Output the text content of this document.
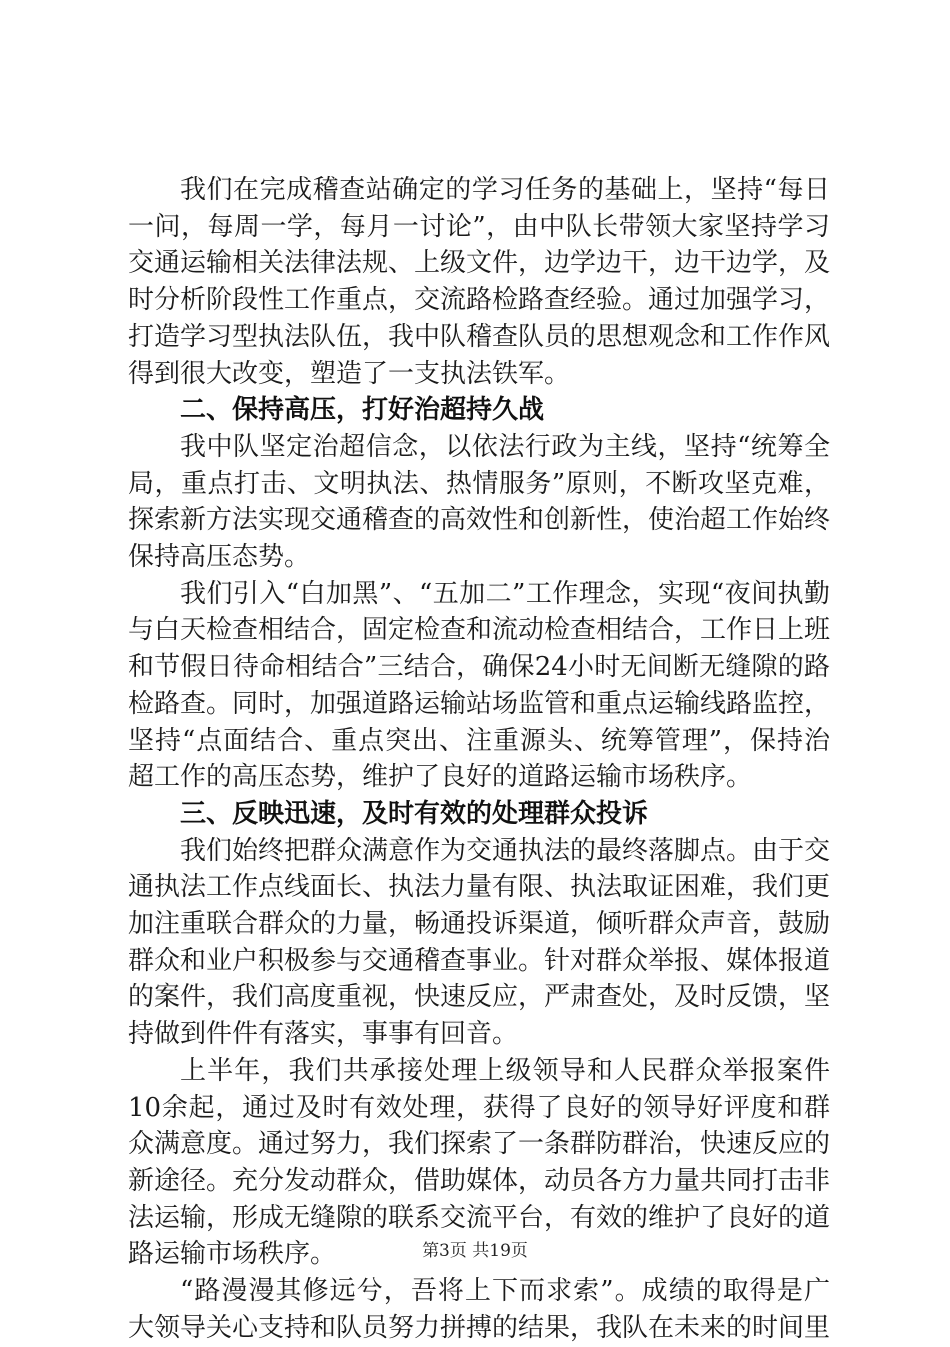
我们在完成稽查站确定的学习任务的基础上，坚持“每日一问，每周一学，每月一讨论”，由中队长带领大家坚持学习交通运输相关法律法规、上级文件，边学边干，边干边学，及时分析阶段性工作重点，交流路检路查经验。通过加强学习，打造学习型执法队伍，我中队稽查队员的思想观念和工作作风得到很大改变，塑造了一支执法铁军。

二、保持高压，打好治超持久战

我中队坚定治超信念，以依法行政为主线，坚持“统筹全局，重点打击、文明执法、热情服务”原则，不断攻坚克难，探索新方法实现交通稽查的高效性和创新性，使治超工作始终保持高压态势。

我们引入“白加黑”、“五加二”工作理念，实现“夜间执勤与白天检查相结合，固定检查和流动检查相结合，工作日上班和节假日待命相结合”三结合，确保24小时无间断无缝隙的路检路查。同时，加强道路运输站场监管和重点运输线路监控，坚持“点面结合、重点突出、注重源头、统筹管理”，保持治超工作的高压态势，维护了良好的道路运输市场秩序。

三、反映迅速，及时有效的处理群众投诉

我们始终把群众满意作为交通执法的最终落脚点。由于交通执法工作点线面长、执法力量有限、执法取证困难，我们更加注重联合群众的力量，畅通投诉渠道，倾听群众声音，鼓励群众和业户积极参与交通稽查事业。针对群众举报、媒体报道的案件，我们高度重视，快速反应，严肃查处，及时反馈，坚持做到件件有落实，事事有回音。

上半年，我们共承接处理上级领导和人民群众举报案件10余起，通过及时有效处理，获得了良好的领导好评度和群众满意度。通过努力，我们探索了一条群防群治，快速反应的新途径。充分发动群众，借助媒体，动员各方力量共同打击非法运输，形成无缝隙的联系交流平台，有效的维护了良好的道路运输市场秩序。

“路漫漫其修远兮，吾将上下而求索”。成绩的取得是广大领导关心支持和队员努力拼搏的结果，我队在未来的时间里

第3页 共19页
